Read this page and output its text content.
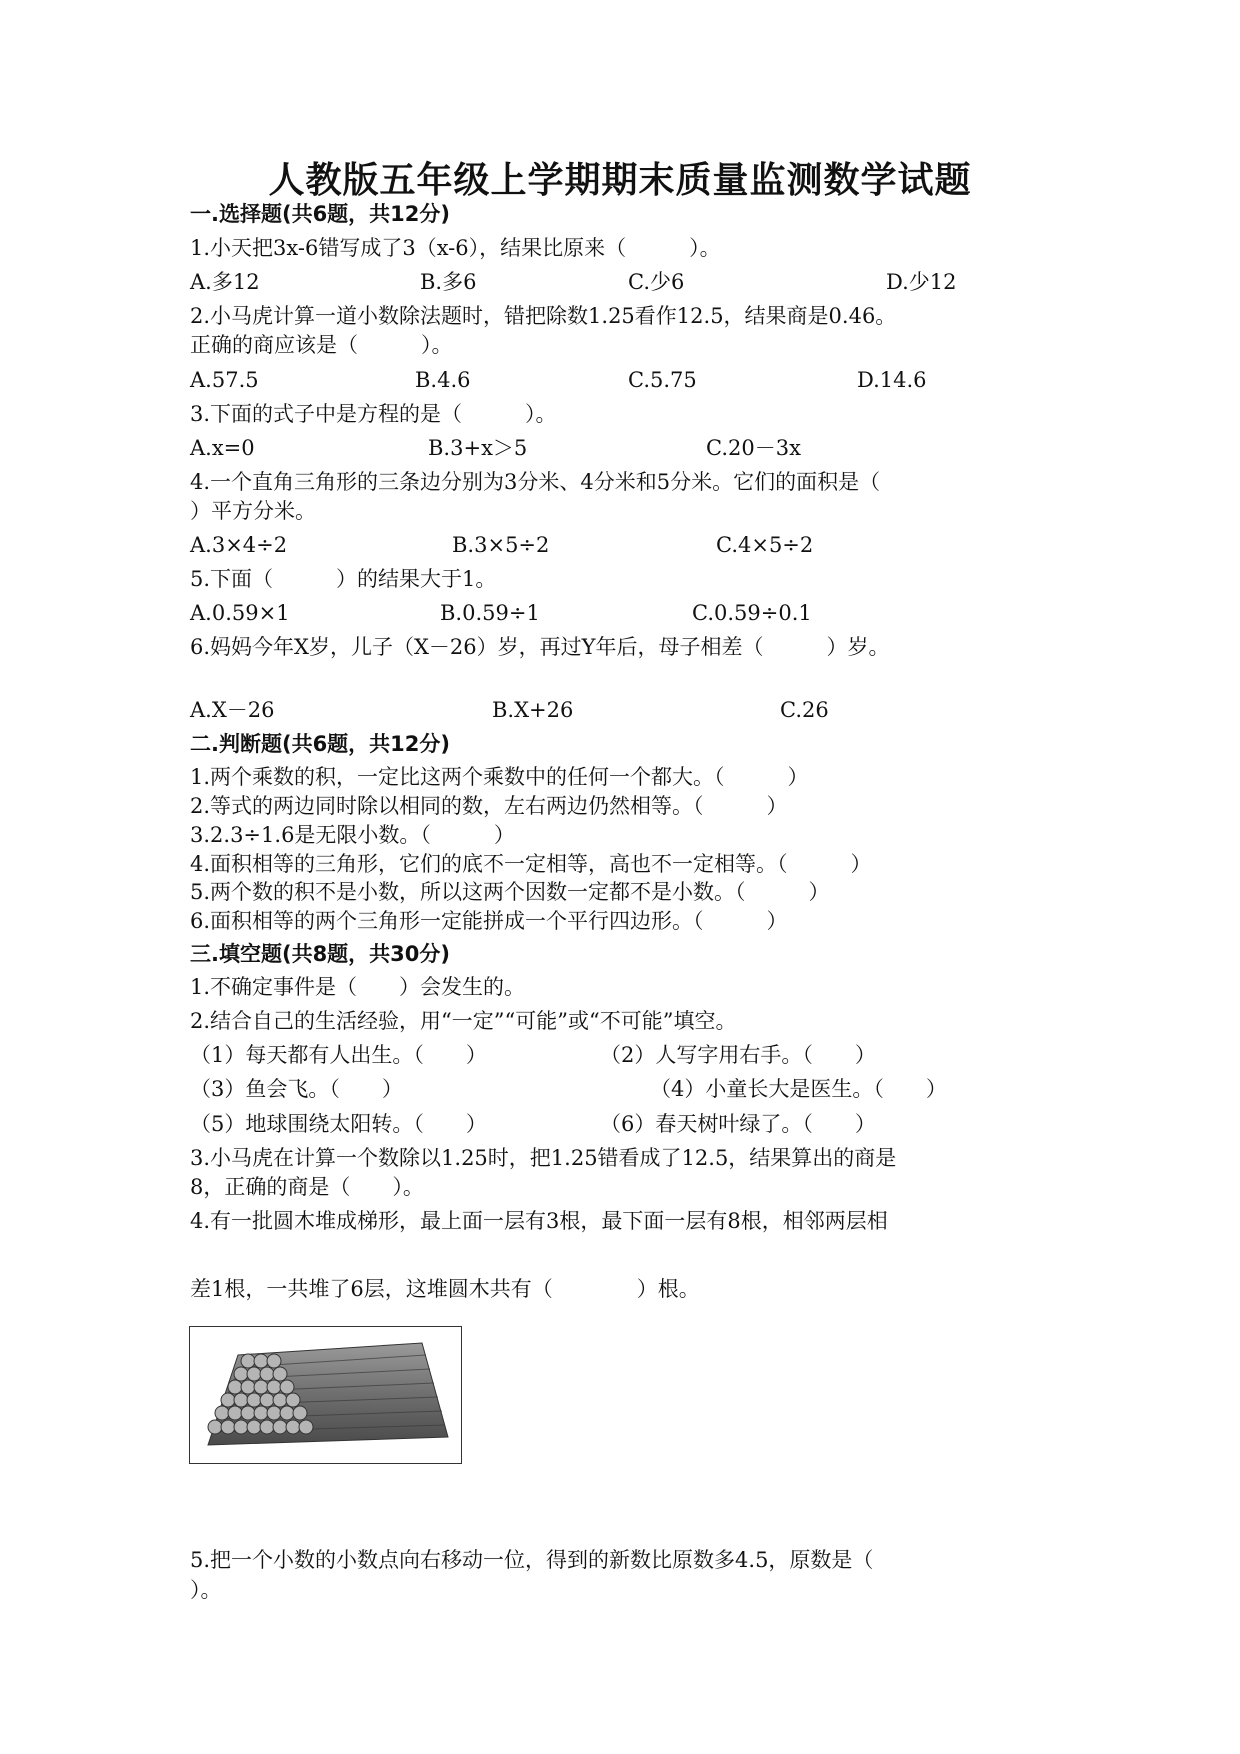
人教版五年级上学期期末质量监测数学试题
一.选择题(共6题，共12分)
1.小天把3x-6错写成了3（x-6），结果比原来（　　　）。
A.多12	B.多6	C.少6	D.少12
2.小马虎计算一道小数除法题时，错把除数1.25看作12.5，结果商是0.46。
正确的商应该是（　　　）。
A.57.5	B.4.6	C.5.75	D.14.6
3.下面的式子中是方程的是（　　　）。
A.x=0	B.3+x＞5	C.20－3x
4.一个直角三角形的三条边分别为3分米、4分米和5分米。它们的面积是（
）平方分米。
A.3×4÷2	B.3×5÷2	C.4×5÷2
5.下面（　　　）的结果大于1。
A.0.59×1	B.0.59÷1	C.0.59÷0.1
6.妈妈今年X岁，儿子（X－26）岁，再过Y年后，母子相差（　　　）岁。
A.X－26	B.X+26	C.26
二.判断题(共6题，共12分)
1.两个乘数的积，一定比这两个乘数中的任何一个都大。（　　　）
2.等式的两边同时除以相同的数，左右两边仍然相等。（　　　）
3.2.3÷1.6是无限小数。（　　　）
4.面积相等的三角形，它们的底不一定相等，高也不一定相等。（　　　）
5.两个数的积不是小数，所以这两个因数一定都不是小数。（　　　）
6.面积相等的两个三角形一定能拼成一个平行四边形。（　　　）
三.填空题(共8题，共30分)
1.不确定事件是（　　）会发生的。
2.结合自己的生活经验，用“一定”“可能”或“不可能”填空。
（1）每天都有人出生。（　　）	（2）人写字用右手。（　　）
（3）鱼会飞。（　　）	（4）小童长大是医生。（　　）
（5）地球围绕太阳转。（　　）	（6）春天树叶绿了。（　　）
3.小马虎在计算一个数除以1.25时，把1.25错看成了12.5，结果算出的商是
8，正确的商是（　　）。
4.有一批圆木堆成梯形，最上面一层有3根，最下面一层有8根，相邻两层相
差1根，一共堆了6层，这堆圆木共有（　　　　）根。
5.把一个小数的小数点向右移动一位，得到的新数比原数多4.5，原数是（
）。
